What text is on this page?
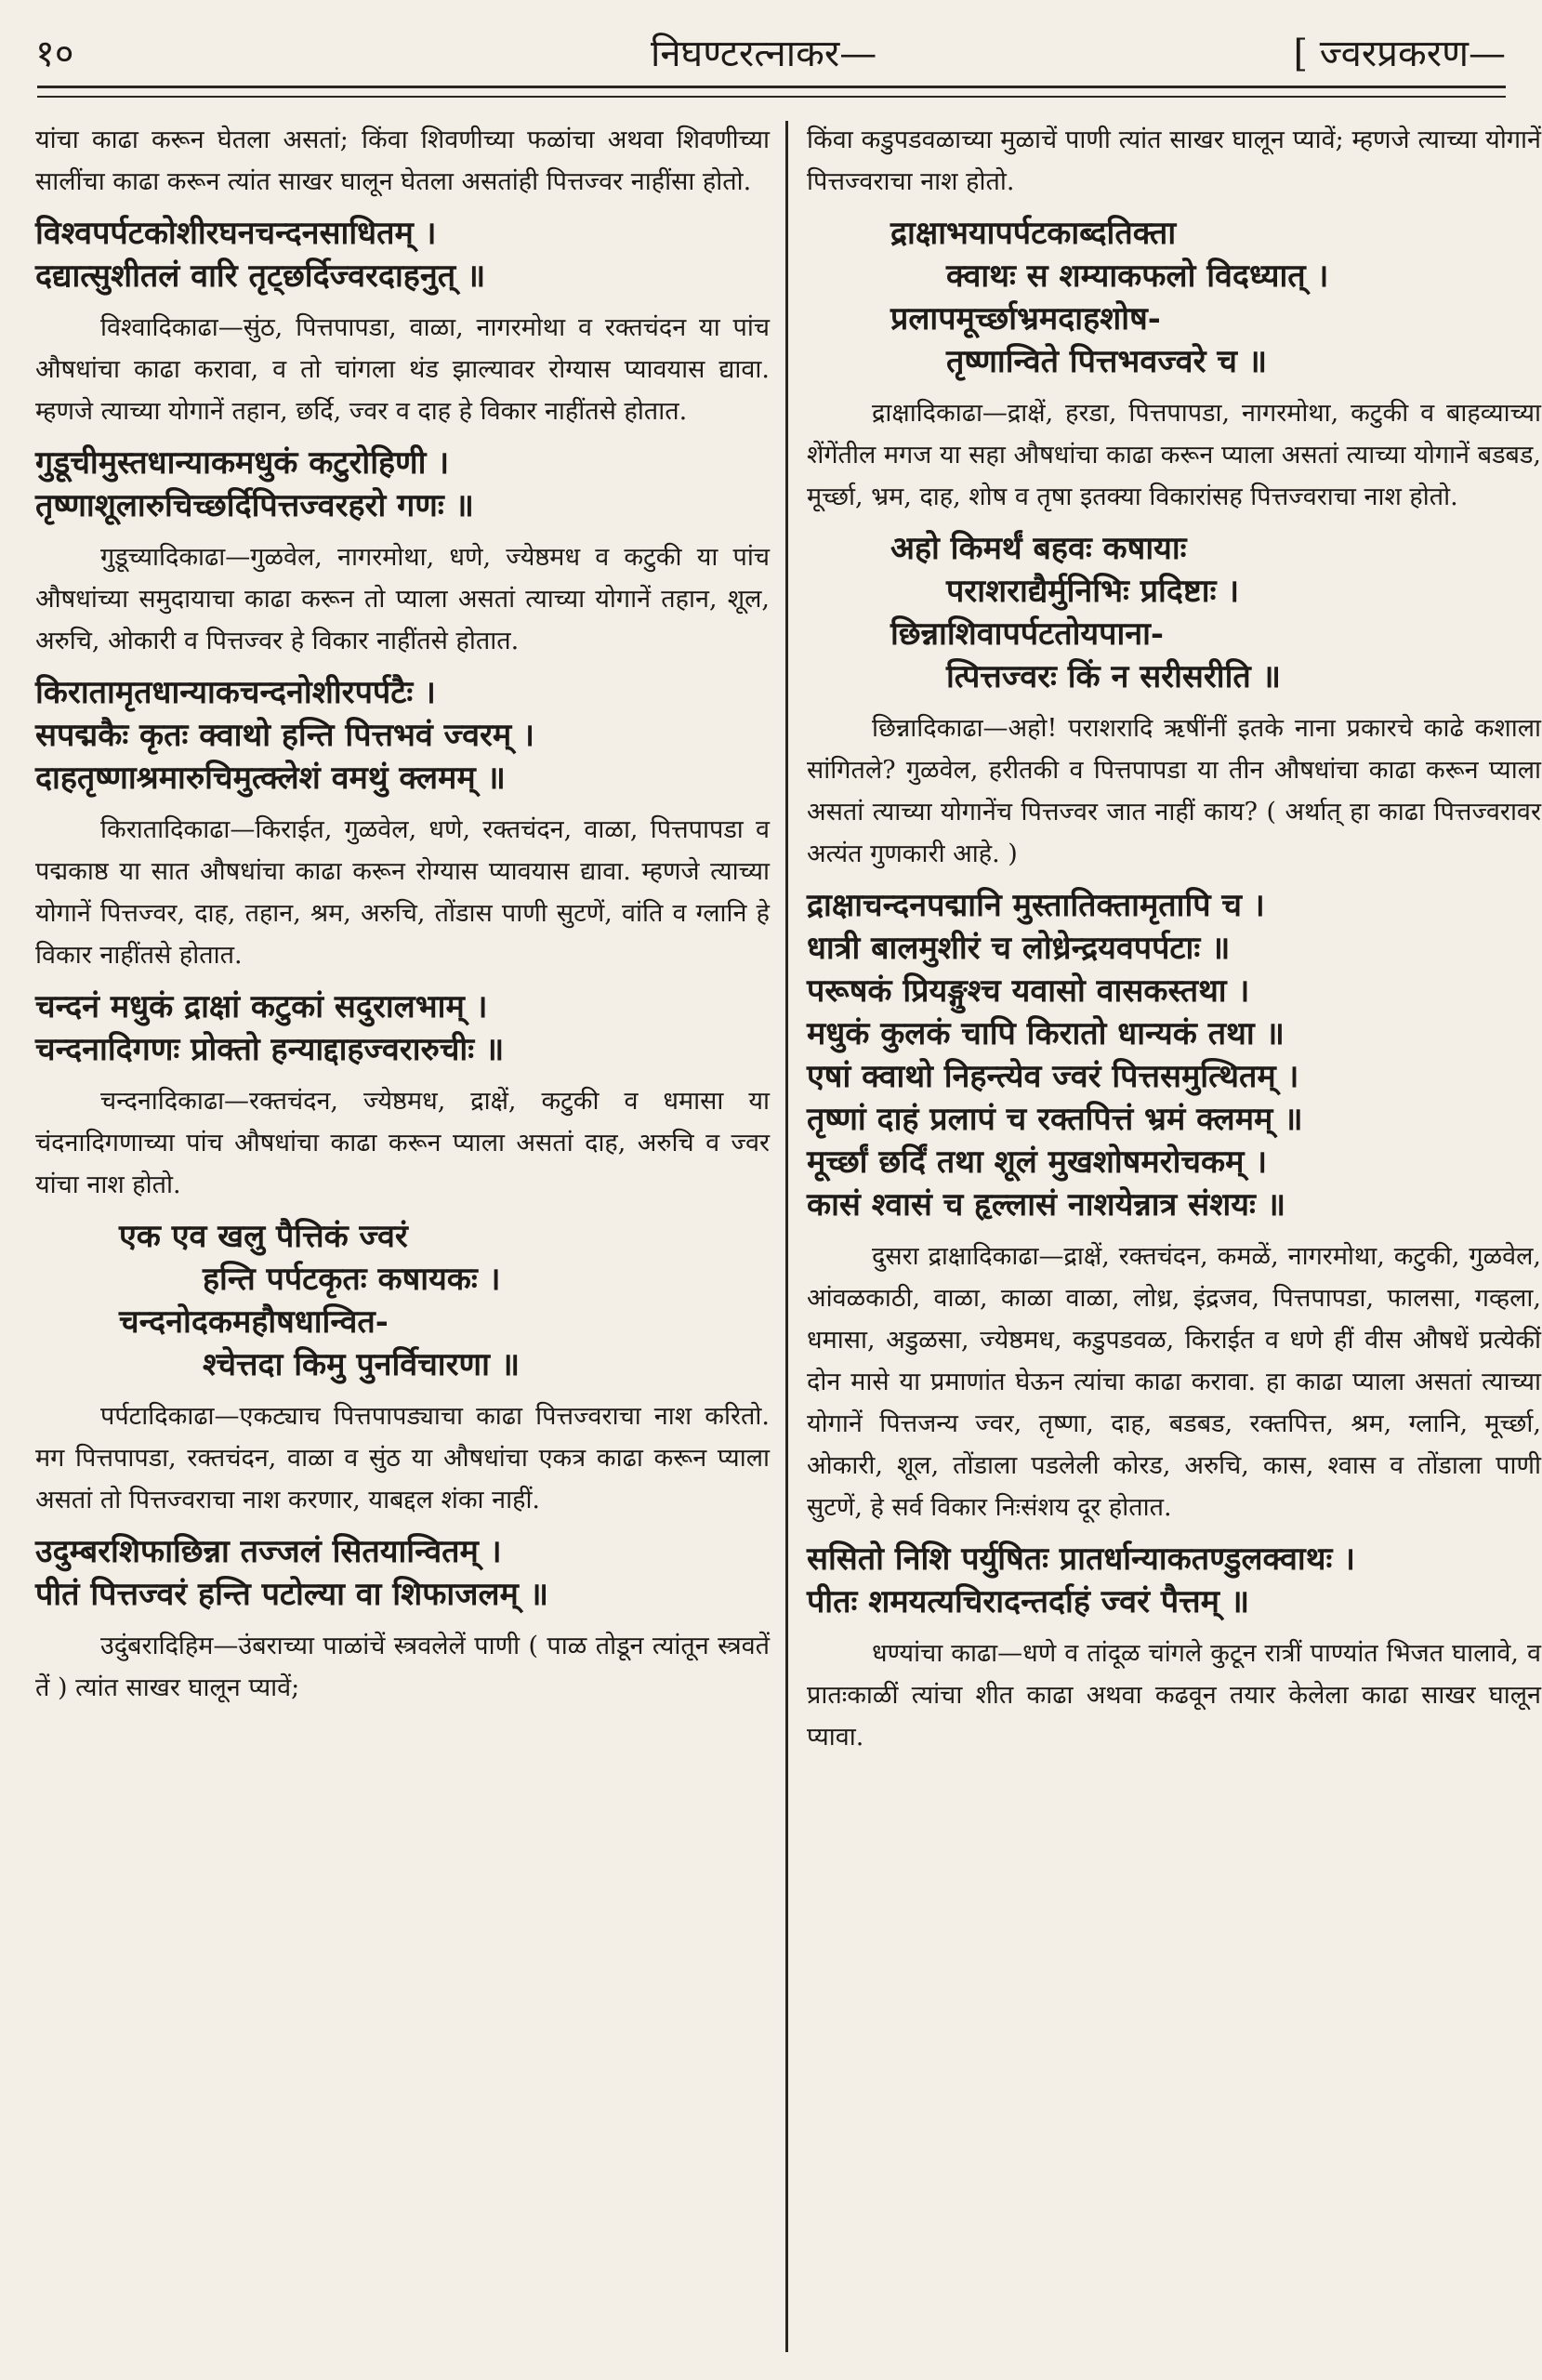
१०	निघण्टरत्नाकर—	[ ज्वरप्रकरण—

यांचा काढा करून घेतला असतां; किंवा शिवणीच्या फळांचा अथवा शिवणीच्या सालींचा काढा करून त्यांत साखर घालून घेतला असतांही पित्तज्वर नाहींसा होतो.

विश्वपर्पटकोशीरघनचन्दनसाधितम् ।
दद्यात्सुशीतलं वारि तृट्छर्दिज्वरदाहनुत् ॥

विश्वादिकाढा—सुंठ, पित्तपापडा, वाळा, नागरमोथा व रक्तचंदन या पांच औषधांचा काढा करावा, व तो चांगला थंड झाल्यावर रोग्यास प्यावयास द्यावा. म्हणजे त्याच्या योगानें तहान, छर्दि, ज्वर व दाह हे विकार नाहींतसे होतात.

गुडूचीमुस्तधान्याकमधुकं कटुरोहिणी ।
तृष्णाशूलारुचिच्छर्दिपित्तज्वरहरो गणः ॥

गुडूच्यादिकाढा—गुळवेल, नागरमोथा, धणे, ज्येष्ठमध व कटुकी या पांच औषधांच्या समुदायाचा काढा करून तो प्याला असतां त्याच्या योगानें तहान, शूल, अरुचि, ओकारी व पित्तज्वर हे विकार नाहींतसे होतात.

किरातामृतधान्याकचन्दनोशीरपर्पटैः ।
सपद्मकैः कृतः क्वाथो हन्ति पित्तभवं ज्वरम् ।
दाहतृष्णाश्रमारुचिमुत्क्लेशं वमथुं क्लमम् ॥

किरातादिकाढा—किराईत, गुळवेल, धणे, रक्तचंदन, वाळा, पित्तपापडा व पद्मकाष्ठ या सात औषधांचा काढा करून रोग्यास प्यावयास द्यावा. म्हणजे त्याच्या योगानें पित्तज्वर, दाह, तहान, श्रम, अरुचि, तोंडास पाणी सुटणें, वांति व ग्लानि हे विकार नाहींतसे होतात.

चन्दनं मधुकं द्राक्षां कटुकां सदुरालभाम् ।
चन्दनादिगणः प्रोक्तो हन्याद्दाहज्वरारुचीः ॥

चन्दनादिकाढा—रक्तचंदन, ज्येष्ठमध, द्राक्षें, कटुकी व धमासा या चंदनादिगणाच्या पांच औषधांचा काढा करून प्याला असतां दाह, अरुचि व ज्वर यांचा नाश होतो.

एक एव खलु पैत्तिकं ज्वरं
हन्ति पर्पटकृतः कषायकः ।
चन्दनोदकमहौषधान्वित-
श्चेत्तदा किमु पुनर्विचारणा ॥

पर्पटादिकाढा—एकट्याच पित्तपापड्याचा काढा पित्तज्वराचा नाश करितो. मग पित्तपापडा, रक्तचंदन, वाळा व सुंठ या औषधांचा एकत्र काढा करून प्याला असतां तो पित्तज्वराचा नाश करणार, याबद्दल शंका नाहीं.

उदुम्बरशिफाछिन्ना तज्जलं सितयान्वितम् ।
पीतं पित्तज्वरं हन्ति पटोल्या वा शिफाजलम् ॥

उदुंबरादिहिम—उंबराच्या पाळांचें स्त्रवलेलें पाणी ( पाळ तोडून त्यांतून स्त्रवतें तें ) त्यांत साखर घालून प्यावें;

किंवा कडुपडवळाच्या मुळाचें पाणी त्यांत साखर घालून प्यावें; म्हणजे त्याच्या योगानें पित्तज्वराचा नाश होतो.

द्राक्षाभयापर्पटकाब्दतिक्ता
क्वाथः स शम्याकफलो विदध्यात् ।
प्रलापमूर्च्छाभ्रमदाहशोष-
तृष्णान्विते पित्तभवज्वरे च ॥

द्राक्षादिकाढा—द्राक्षें, हरडा, पित्तपापडा, नागरमोथा, कटुकी व बाहव्याच्या शेंगेंतील मगज या सहा औषधांचा काढा करून प्याला असतां त्याच्या योगानें बडबड, मूर्च्छा, भ्रम, दाह, शोष व तृषा इतक्या विकारांसह पित्तज्वराचा नाश होतो.

अहो किमर्थं बहवः कषायाः
पराशराद्यैर्मुनिभिः प्रदिष्टाः ।
छिन्नाशिवापर्पटतोयपाना-
त्पित्तज्वरः किं न सरीसरीति ॥

छिन्नादिकाढा—अहो! पराशरादि ऋषींनीं इतके नाना प्रकारचे काढे कशाला सांगितले? गुळवेल, हरीतकी व पित्तपापडा या तीन औषधांचा काढा करून प्याला असतां त्याच्या योगानेंच पित्तज्वर जात नाहीं काय? ( अर्थात् हा काढा पित्तज्वरावर अत्यंत गुणकारी आहे. )

द्राक्षाचन्दनपद्मानि मुस्तातिक्तामृतापि च ।
धात्री बालमुशीरं च लोध्रेन्द्रयवपर्पटाः ॥
परूषकं प्रियङ्गुश्च यवासो वासकस्तथा ।
मधुकं कुलकं चापि किरातो धान्यकं तथा ॥
एषां क्वाथो निहन्त्येव ज्वरं पित्तसमुत्थितम् ।
तृष्णां दाहं प्रलापं च रक्तपित्तं भ्रमं क्लमम् ॥
मूर्च्छां छर्दिं तथा शूलं मुखशोषमरोचकम् ।
कासं श्वासं च हृल्लासं नाशयेन्नात्र संशयः ॥

दुसरा द्राक्षादिकाढा—द्राक्षें, रक्तचंदन, कमळें, नागरमोथा, कटुकी, गुळवेल, आंवळकाठी, वाळा, काळा वाळा, लोध्र, इंद्रजव, पित्तपापडा, फालसा, गव्हला, धमासा, अडुळसा, ज्येष्ठमध, कडुपडवळ, किराईत व धणे हीं वीस औषधें प्रत्येकीं दोन मासे या प्रमाणांत घेऊन त्यांचा काढा करावा. हा काढा प्याला असतां त्याच्या योगानें पित्तजन्य ज्वर, तृष्णा, दाह, बडबड, रक्तपित्त, श्रम, ग्लानि, मूर्च्छा, ओकारी, शूल, तोंडाला पडलेली कोरड, अरुचि, कास, श्वास व तोंडाला पाणी सुटणें, हे सर्व विकार निःसंशय दूर होतात.

ससितो निशि पर्युषितः प्रातर्धान्याकतण्डुलक्वाथः ।
पीतः शमयत्यचिरादन्तर्दाहं ज्वरं पैत्तम् ॥

धण्यांचा काढा—धणे व तांदूळ चांगले कुटून रात्रीं पाण्यांत भिजत घालावे, व प्रातःकाळीं त्यांचा शीत काढा अथवा कढवून तयार केलेला काढा साखर घालून प्यावा.
